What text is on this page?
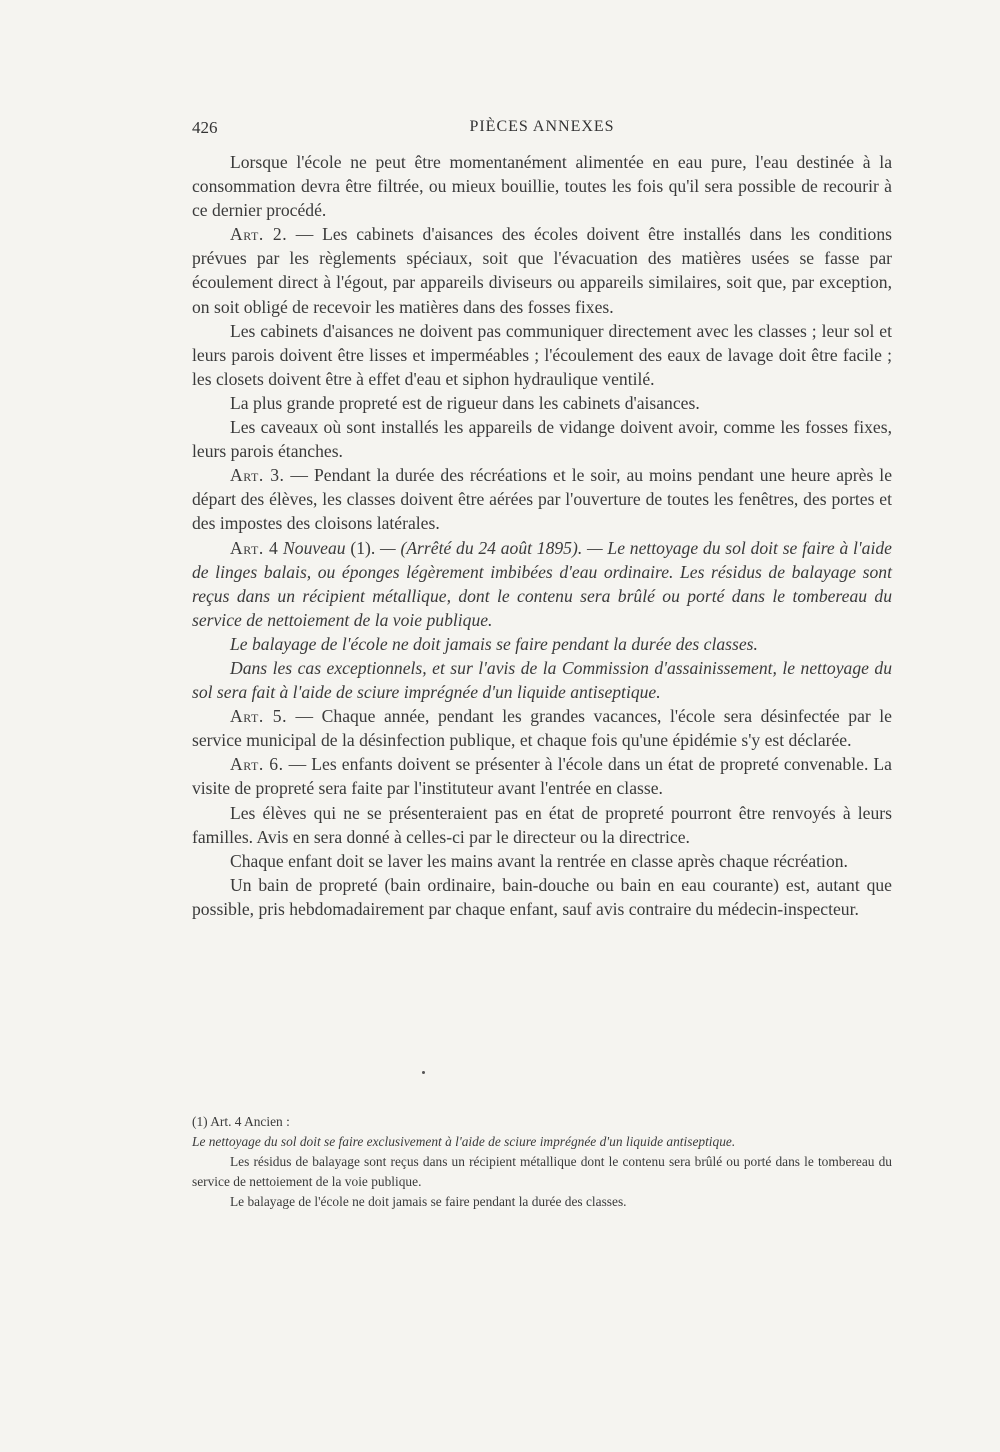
426	PIÈCES ANNEXES

Lorsque l'école ne peut être momentanément alimentée en eau pure, l'eau destinée à la consommation devra être filtrée, ou mieux bouillie, toutes les fois qu'il sera possible de recourir à ce dernier procédé.

Art. 2. — Les cabinets d'aisances des écoles doivent être installés dans les conditions prévues par les règlements spéciaux, soit que l'évacuation des matières usées se fasse par écoulement direct à l'égout, par appareils diviseurs ou appareils similaires, soit que, par exception, on soit obligé de recevoir les matières dans des fosses fixes.

Les cabinets d'aisances ne doivent pas communiquer directement avec les classes ; leur sol et leurs parois doivent être lisses et imperméables ; l'écoulement des eaux de lavage doit être facile ; les closets doivent être à effet d'eau et siphon hydraulique ventilé.

La plus grande propreté est de rigueur dans les cabinets d'aisances.

Les caveaux où sont installés les appareils de vidange doivent avoir, comme les fosses fixes, leurs parois étanches.

Art. 3. — Pendant la durée des récréations et le soir, au moins pendant une heure après le départ des élèves, les classes doivent être aérées par l'ouverture de toutes les fenêtres, des portes et des impostes des cloisons latérales.

Art. 4 Nouveau (1). — (Arrêté du 24 août 1895). — Le nettoyage du sol doit se faire à l'aide de linges balais, ou éponges légèrement imbibées d'eau ordinaire. Les résidus de balayage sont reçus dans un récipient métallique, dont le contenu sera brûlé ou porté dans le tombereau du service de nettoiement de la voie publique.

Le balayage de l'école ne doit jamais se faire pendant la durée des classes.

Dans les cas exceptionnels, et sur l'avis de la Commission d'assainissement, le nettoyage du sol sera fait à l'aide de sciure imprégnée d'un liquide antiseptique.

Art. 5. — Chaque année, pendant les grandes vacances, l'école sera désinfectée par le service municipal de la désinfection publique, et chaque fois qu'une épidémie s'y est déclarée.

Art. 6. — Les enfants doivent se présenter à l'école dans un état de propreté convenable. La visite de propreté sera faite par l'instituteur avant l'entrée en classe.

Les élèves qui ne se présenteraient pas en état de propreté pourront être renvoyés à leurs familles. Avis en sera donné à celles-ci par le directeur ou la directrice.

Chaque enfant doit se laver les mains avant la rentrée en classe après chaque récréation.

Un bain de propreté (bain ordinaire, bain-douche ou bain en eau courante) est, autant que possible, pris hebdomadairement par chaque enfant, sauf avis contraire du médecin-inspecteur.

(1) Art. 4 Ancien :

Le nettoyage du sol doit se faire exclusivement à l'aide de sciure imprégnée d'un liquide antiseptique.

Les résidus de balayage sont reçus dans un récipient métallique dont le contenu sera brûlé ou porté dans le tombereau du service de nettoiement de la voie publique.

Le balayage de l'école ne doit jamais se faire pendant la durée des classes.
